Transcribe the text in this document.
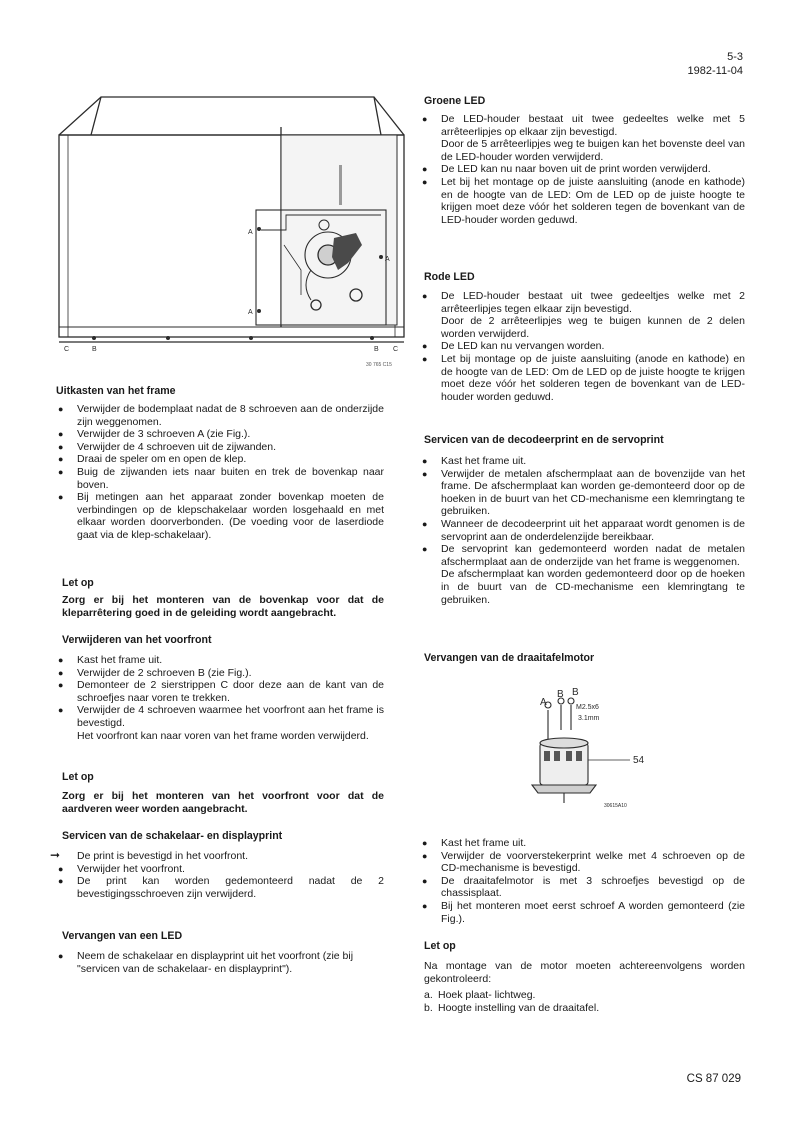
5-3
1982-11-04
CS 87 029
A
A
A
C	B	B C
30 765 C15
Uitkasten van het frame
● Verwijder de bodemplaat nadat de 8 schroeven aan de onderzijde zijn weggenomen.
● Verwijder de 3 schroeven A (zie Fig.).
● Verwijder de 4 schroeven uit de zijwanden.
● Draai de speler om en open de klep.
● Buig de zijwanden iets naar buiten en trek de bovenkap naar boven.
● Bij metingen aan het apparaat zonder bovenkap moeten de verbindingen op de klepschakelaar worden losgehaald en met elkaar worden doorverbonden. (De voeding voor de laserdiode gaat via de klep-schakelaar).
Let op
Zorg er bij het monteren van de bovenkap voor dat de kleparrêtering goed in de geleiding wordt aangebracht.
Verwijderen van het voorfront
● Kast het frame uit.
● Verwijder de 2 schroeven B (zie Fig.).
● Demonteer de 2 sierstrippen C door deze aan de kant van de schroefjes naar voren te trekken.
● Verwijder de 4 schroeven waarmee het voorfront aan het frame is bevestigd.
Het voorfront kan naar voren van het frame worden verwijderd.
Let op
Zorg er bij het monteren van het voorfront voor dat de aardveren weer worden aangebracht.
Servicen van de schakelaar- en displayprint
➞ De print is bevestigd in het voorfront.
● Verwijder het voorfront.
● De print kan worden gedemonteerd nadat de 2 bevestigingsschroeven zijn verwijderd.
Vervangen van een LED
● Neem de schakelaar en displayprint uit het voorfront (zie bij "servicen van de schakelaar- en displayprint").
Groene LED
● De LED-houder bestaat uit twee gedeeltes welke met 5 arrêteerlipjes op elkaar zijn bevestigd.
Door de 5 arrêteerlipjes weg te buigen kan het bovenste deel van de LED-houder worden verwijderd.
● De LED kan nu naar boven uit de print worden verwijderd.
● Let bij het montage op de juiste aansluiting (anode en kathode) en de hoogte van de LED: Om de LED op de juiste hoogte te krijgen moet deze vóór het solderen tegen de bovenkant van de LED-houder worden geduwd.
Rode LED
● De LED-houder bestaat uit twee gedeeltjes welke met 2 arrêteerlipjes tegen elkaar zijn bevestigd.
Door de 2 arrêteerlipjes weg te buigen kunnen de 2 delen worden verwijderd.
● De LED kan nu vervangen worden.
● Let bij montage op de juiste aansluiting (anode en kathode) en de hoogte van de LED: Om de LED op de juiste hoogte te krijgen moet deze vóór het solderen tegen de bovenkant van de LED-houder worden geduwd.
Servicen van de decodeerprint en de servoprint
● Kast het frame uit.
● Verwijder de metalen afschermplaat aan de bovenzijde van het frame. De afschermplaat kan worden ge-demonteerd door op de hoeken in de buurt van het CD-mechanisme een klemringtang te gebruiken.
● Wanneer de decodeerprint uit het apparaat wordt genomen is de servoprint aan de onderdelenzijde bereikbaar.
● De servoprint kan gedemonteerd worden nadat de metalen afschermplaat aan de onderzijde van het frame is weggenomen.
De afschermplaat kan worden gedemonteerd door op de hoeken in de buurt van de CD-mechanisme een klemringtang te gebruiken.
Vervangen van de draaitafelmotor
A
B B
M2.5x6
3.1mm
54
30615A10
● Kast het frame uit.
● Verwijder de voorverstekerprint welke met 4 schroeven op de CD-mechanisme is bevestigd.
● De draaitafelmotor is met 3 schroefjes bevestigd op de chassisplaat.
● Bij het monteren moet eerst schroef A worden gemonteerd (zie Fig.).
Let op
Na montage van de motor moeten achtereenvolgens worden gekontroleerd:
a. Hoek plaat- lichtweg.
b. Hoogte instelling van de draaitafel.
